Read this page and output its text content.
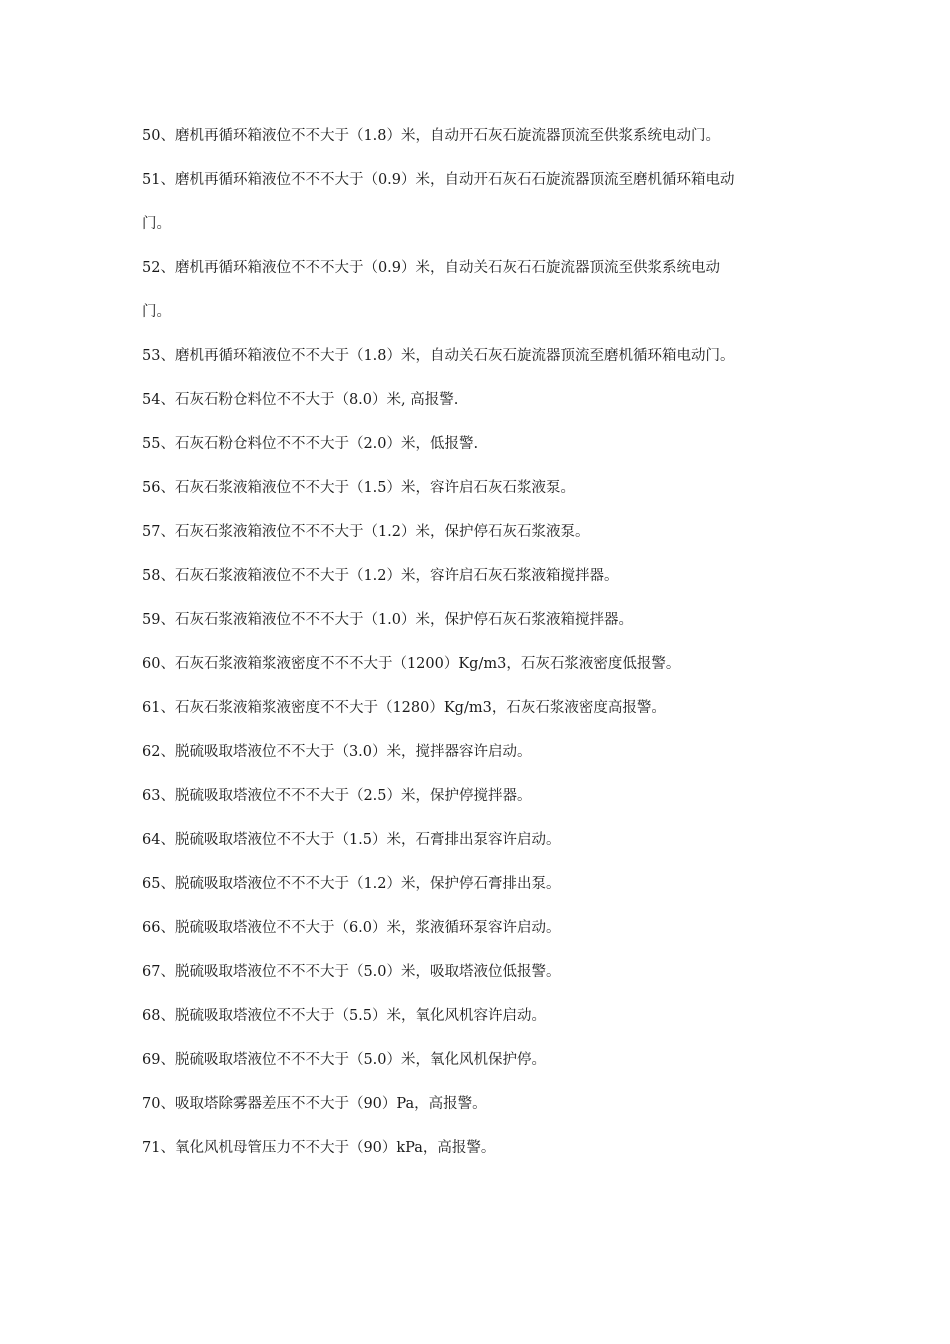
50、磨机再循环箱液位不不大于（1.8）米，自动开石灰石旋流器顶流至供浆系统电动门。
51、磨机再循环箱液位不不不大于（0.9）米，自动开石灰石石旋流器顶流至磨机循环箱电动
门。
52、磨机再循环箱液位不不不大于（0.9）米，自动关石灰石石旋流器顶流至供浆系统电动
门。
53、磨机再循环箱液位不不大于（1.8）米，自动关石灰石旋流器顶流至磨机循环箱电动门。
54、石灰石粉仓料位不不大于（8.0）米, 高报警.
55、石灰石粉仓料位不不不大于（2.0）米，低报警.
56、石灰石浆液箱液位不不大于（1.5）米，容许启石灰石浆液泵。
57、石灰石浆液箱液位不不不大于（1.2）米，保护停石灰石浆液泵。
58、石灰石浆液箱液位不不大于（1.2）米，容许启石灰石浆液箱搅拌器。
59、石灰石浆液箱液位不不不大于（1.0）米，保护停石灰石浆液箱搅拌器。
60、石灰石浆液箱浆液密度不不不大于（1200）Kg/m3，石灰石浆液密度低报警。
61、石灰石浆液箱浆液密度不不大于（1280）Kg/m3，石灰石浆液密度高报警。
62、脱硫吸取塔液位不不大于（3.0）米，搅拌器容许启动。
63、脱硫吸取塔液位不不不大于（2.5）米，保护停搅拌器。
64、脱硫吸取塔液位不不大于（1.5）米，石膏排出泵容许启动。
65、脱硫吸取塔液位不不不大于（1.2）米，保护停石膏排出泵。
66、脱硫吸取塔液位不不大于（6.0）米，浆液循环泵容许启动。
67、脱硫吸取塔液位不不不大于（5.0）米，吸取塔液位低报警。
68、脱硫吸取塔液位不不大于（5.5）米，氧化风机容许启动。
69、脱硫吸取塔液位不不不大于（5.0）米，氧化风机保护停。
70、吸取塔除雾器差压不不大于（90）Pa，高报警。
71、氧化风机母管压力不不大于（90）kPa，高报警。
